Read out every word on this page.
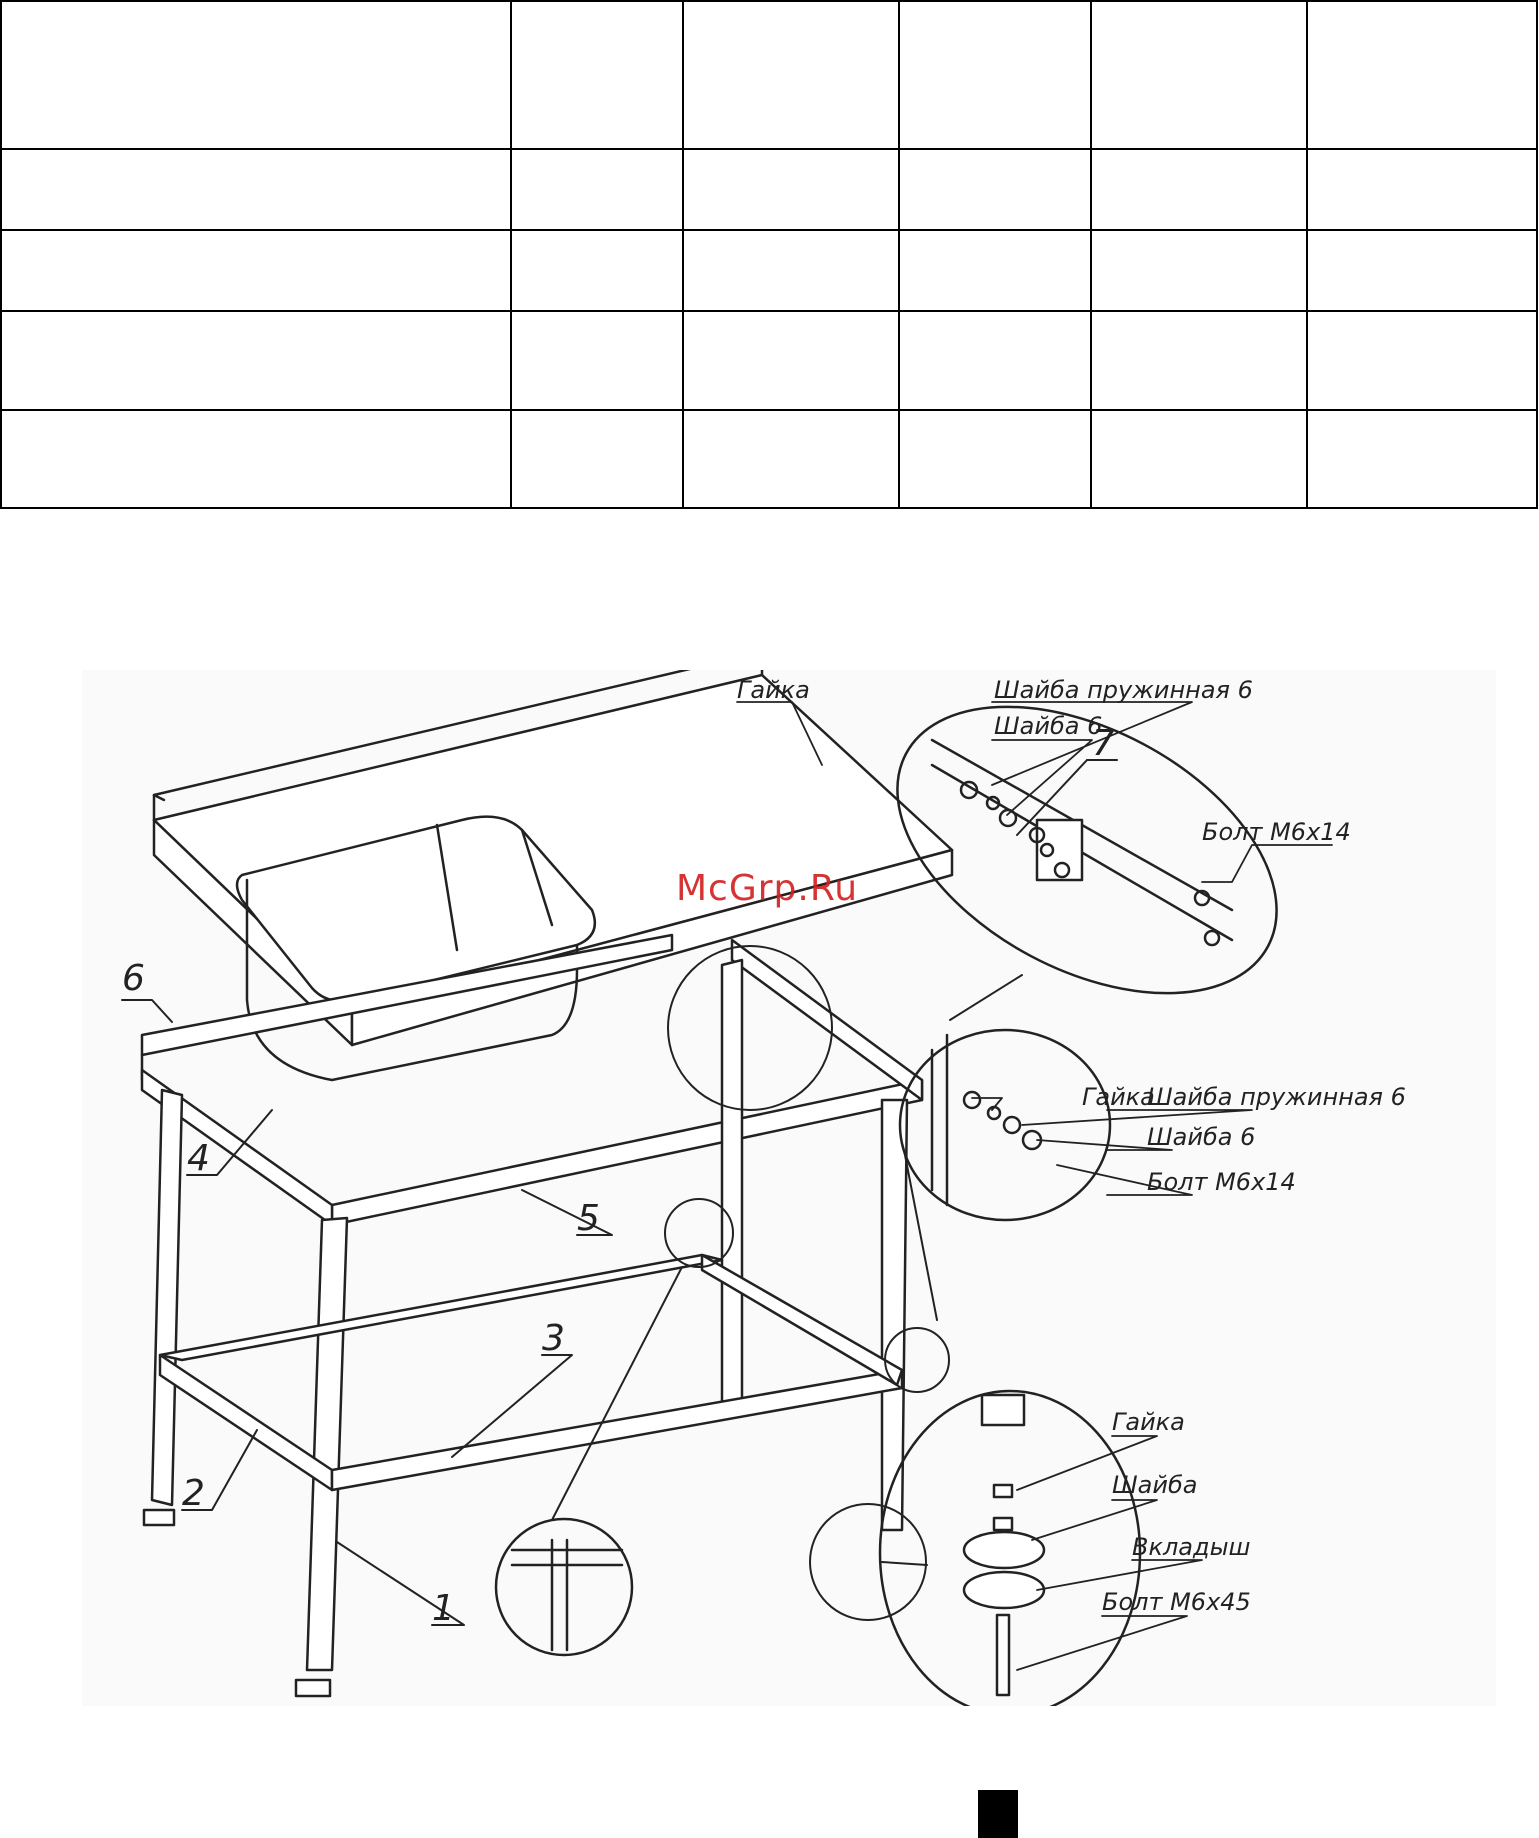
6
4
5
3
2
1
7
Гайка	Шайба пружинная 6
Шайба 6
Болт М6х14
Гайка
Шайба пружинная 6
Шайба 6
Болт М6х14
Гайка
Шайба
Вкладыш
Болт М6х45
McGrp.Ru
